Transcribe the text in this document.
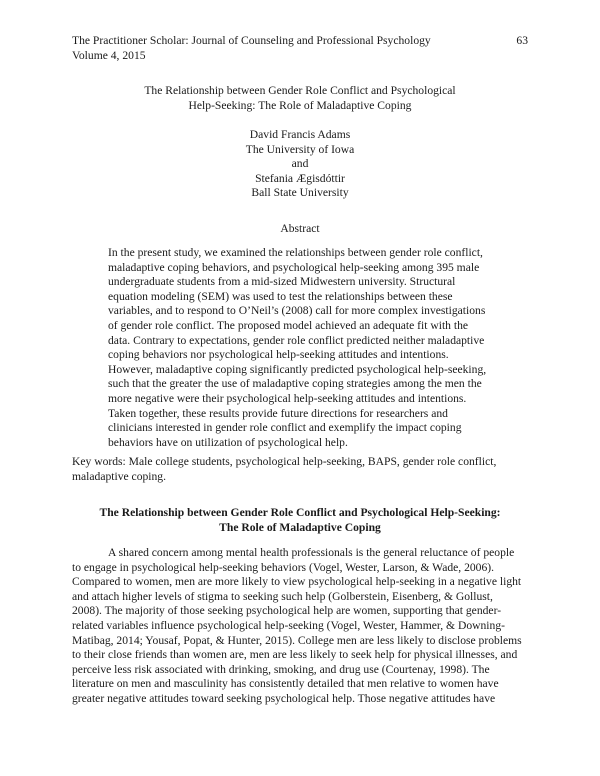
The Practitioner Scholar: Journal of Counseling and Professional Psychology	63
Volume 4, 2015
The Relationship between Gender Role Conflict and Psychological
Help-Seeking: The Role of Maladaptive Coping
David Francis Adams
The University of Iowa
and
Stefania Ægisdóttir
Ball State University
Abstract

In the present study, we examined the relationships between gender role conflict,
maladaptive coping behaviors, and psychological help-seeking among 395 male
undergraduate students from a mid-sized Midwestern university. Structural
equation modeling (SEM) was used to test the relationships between these
variables, and to respond to O’Neil’s (2008) call for more complex investigations
of gender role conflict. The proposed model achieved an adequate fit with the
data. Contrary to expectations, gender role conflict predicted neither maladaptive
coping behaviors nor psychological help-seeking attitudes and intentions.
However, maladaptive coping significantly predicted psychological help-seeking,
such that the greater the use of maladaptive coping strategies among the men the
more negative were their psychological help-seeking attitudes and intentions.
Taken together, these results provide future directions for researchers and
clinicians interested in gender role conflict and exemplify the impact coping
behaviors have on utilization of psychological help.

Key words: Male college students, psychological help-seeking, BAPS, gender role conflict,
maladaptive coping.

The Relationship between Gender Role Conflict and Psychological Help-Seeking:
The Role of Maladaptive Coping

A shared concern among mental health professionals is the general reluctance of people
to engage in psychological help-seeking behaviors (Vogel, Wester, Larson, & Wade, 2006).
Compared to women, men are more likely to view psychological help-seeking in a negative light
and attach higher levels of stigma to seeking such help (Golberstein, Eisenberg, & Gollust,
2008). The majority of those seeking psychological help are women, supporting that gender-
related variables influence psychological help-seeking (Vogel, Wester, Hammer, & Downing-
Matibag, 2014; Yousaf, Popat, & Hunter, 2015). College men are less likely to disclose problems
to their close friends than women are, men are less likely to seek help for physical illnesses, and
perceive less risk associated with drinking, smoking, and drug use (Courtenay, 1998). The
literature on men and masculinity has consistently detailed that men relative to women have
greater negative attitudes toward seeking psychological help. Those negative attitudes have
